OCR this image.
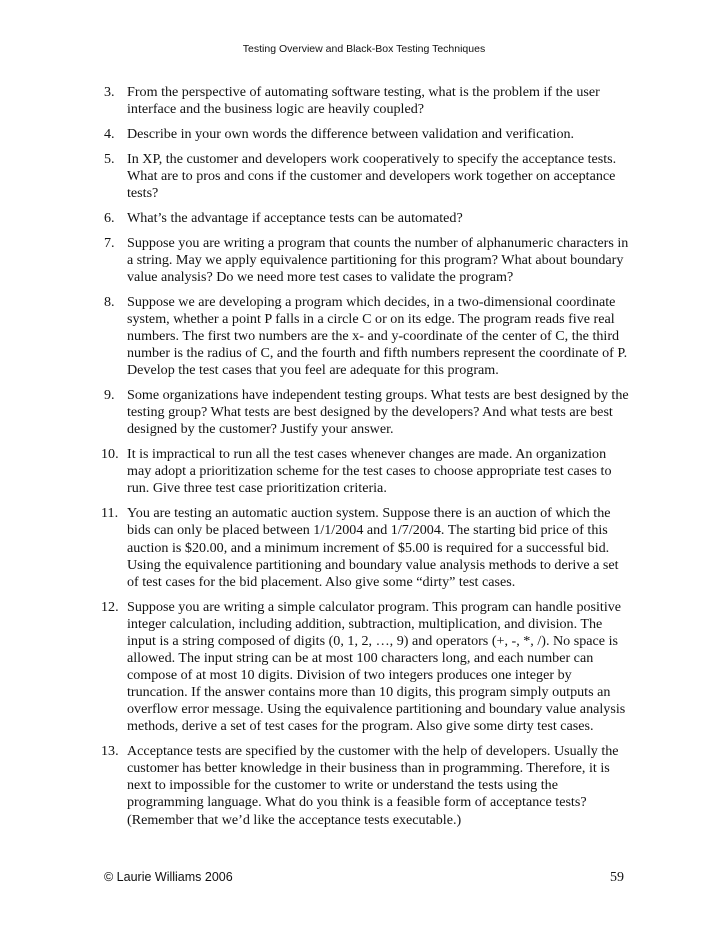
Testing Overview and Black-Box Testing Techniques
3. From the perspective of automating software testing, what is the problem if the user interface and the business logic are heavily coupled?
4. Describe in your own words the difference between validation and verification.
5. In XP, the customer and developers work cooperatively to specify the acceptance tests. What are to pros and cons if the customer and developers work together on acceptance tests?
6. What’s the advantage if acceptance tests can be automated?
7. Suppose you are writing a program that counts the number of alphanumeric characters in a string. May we apply equivalence partitioning for this program? What about boundary value analysis? Do we need more test cases to validate the program?
8. Suppose we are developing a program which decides, in a two-dimensional coordinate system, whether a point P falls in a circle C or on its edge. The program reads five real numbers. The first two numbers are the x- and y-coordinate of the center of C, the third number is the radius of C, and the fourth and fifth numbers represent the coordinate of P. Develop the test cases that you feel are adequate for this program.
9. Some organizations have independent testing groups. What tests are best designed by the testing group? What tests are best designed by the developers? And what tests are best designed by the customer? Justify your answer.
10. It is impractical to run all the test cases whenever changes are made. An organization may adopt a prioritization scheme for the test cases to choose appropriate test cases to run. Give three test case prioritization criteria.
11. You are testing an automatic auction system. Suppose there is an auction of which the bids can only be placed between 1/1/2004 and 1/7/2004. The starting bid price of this auction is $20.00, and a minimum increment of $5.00 is required for a successful bid. Using the equivalence partitioning and boundary value analysis methods to derive a set of test cases for the bid placement. Also give some “dirty” test cases.
12. Suppose you are writing a simple calculator program. This program can handle positive integer calculation, including addition, subtraction, multiplication, and division. The input is a string composed of digits (0, 1, 2, …, 9) and operators (+, -, *, /). No space is allowed. The input string can be at most 100 characters long, and each number can compose of at most 10 digits. Division of two integers produces one integer by truncation. If the answer contains more than 10 digits, this program simply outputs an overflow error message. Using the equivalence partitioning and boundary value analysis methods, derive a set of test cases for the program. Also give some dirty test cases.
13. Acceptance tests are specified by the customer with the help of developers. Usually the customer has better knowledge in their business than in programming. Therefore, it is next to impossible for the customer to write or understand the tests using the programming language. What do you think is a feasible form of acceptance tests? (Remember that we’d like the acceptance tests executable.)
© Laurie Williams 2006	59
